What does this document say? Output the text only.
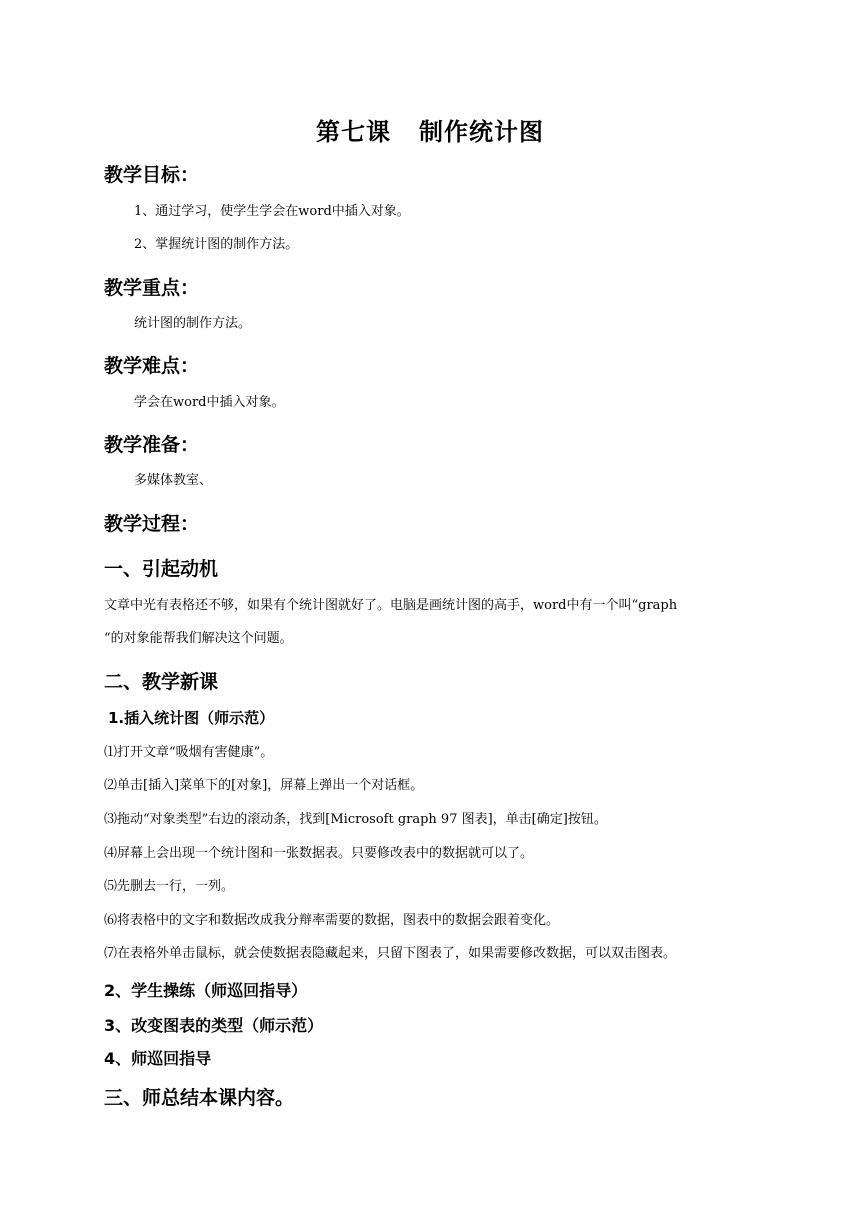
第七课   制作统计图
教学目标：
1、通过学习，使学生学会在word中插入对象。
2、掌握统计图的制作方法。
教学重点：
统计图的制作方法。
教学难点：
学会在word中插入对象。
教学准备：
多媒体教室、
教学过程：
一、引起动机
文章中光有表格还不够，如果有个统计图就好了。电脑是画统计图的高手，word中有一个叫“graph
“的对象能帮我们解决这个问题。
二、教学新课
1.插入统计图（师示范）
⑴打开文章“吸烟有害健康”。
⑵单击[插入]菜单下的[对象]，屏幕上弹出一个对话框。
⑶拖动“对象类型”右边的滚动条，找到[Microsoft graph 97 图表]，单击[确定]按钮。
⑷屏幕上会出现一个统计图和一张数据表。只要修改表中的数据就可以了。
⑸先删去一行，一列。
⑹将表格中的文字和数据改成我分辩率需要的数据，图表中的数据会跟着变化。
⑺在表格外单击鼠标，就会使数据表隐藏起来，只留下图表了，如果需要修改数据，可以双击图表。
2、学生操练（师巡回指导）
3、改变图表的类型（师示范）
4、师巡回指导
三、师总结本课内容。
